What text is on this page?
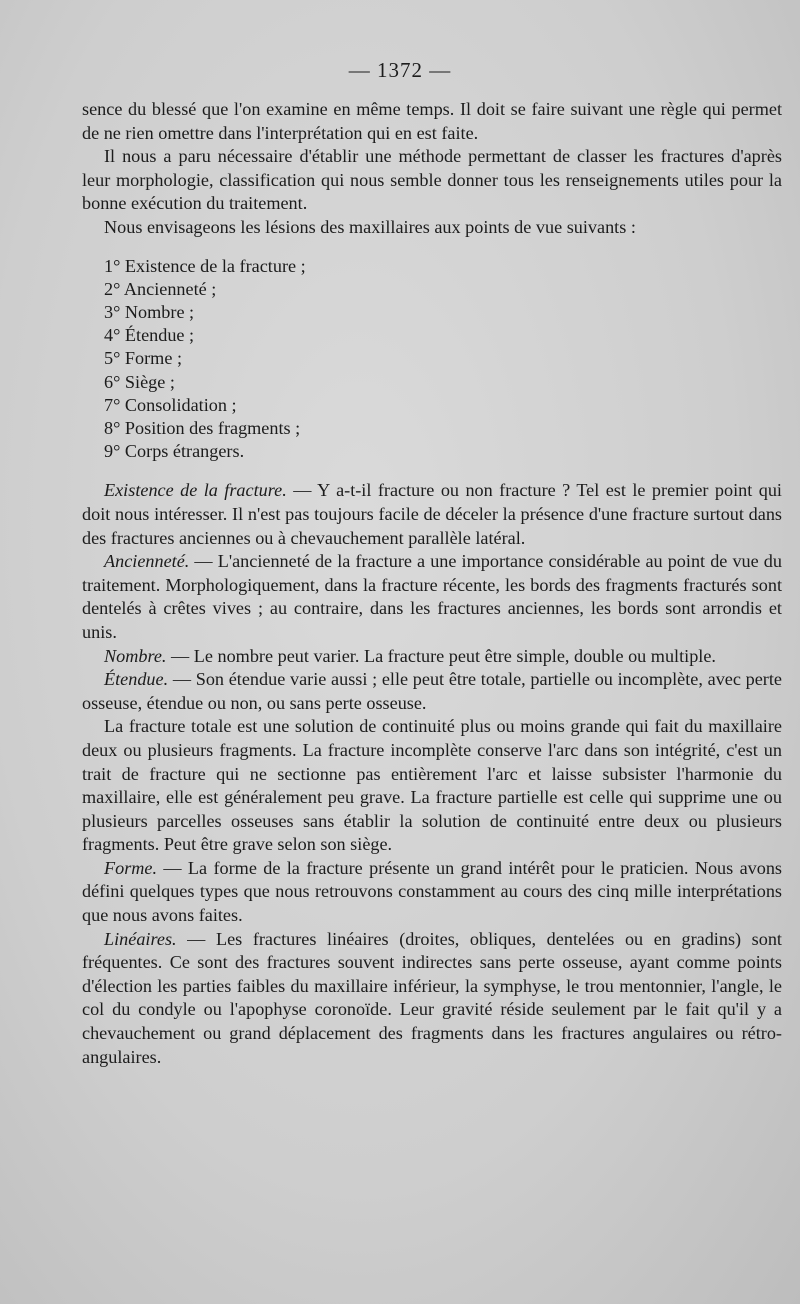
— 1372 —

sence du blessé que l'on examine en même temps. Il doit se faire suivant une règle qui permet de ne rien omettre dans l'interprétation qui en est faite.

Il nous a paru nécessaire d'établir une méthode permettant de classer les fractures d'après leur morphologie, classification qui nous semble donner tous les renseignements utiles pour la bonne exécution du traitement.

Nous envisageons les lésions des maxillaires aux points de vue suivants :

1° Existence de la fracture ;
2° Ancienneté ;
3° Nombre ;
4° Étendue ;
5° Forme ;
6° Siège ;
7° Consolidation ;
8° Position des fragments ;
9° Corps étrangers.

Existence de la fracture. — Y a-t-il fracture ou non fracture ? Tel est le premier point qui doit nous intéresser. Il n'est pas toujours facile de déceler la présence d'une fracture surtout dans des fractures anciennes ou à chevauchement parallèle latéral.

Ancienneté. — L'ancienneté de la fracture a une importance considérable au point de vue du traitement. Morphologiquement, dans la fracture récente, les bords des fragments fracturés sont dentelés à crêtes vives ; au contraire, dans les fractures anciennes, les bords sont arrondis et unis.

Nombre. — Le nombre peut varier. La fracture peut être simple, double ou multiple.

Étendue. — Son étendue varie aussi ; elle peut être totale, partielle ou incomplète, avec perte osseuse, étendue ou non, ou sans perte osseuse.

La fracture totale est une solution de continuité plus ou moins grande qui fait du maxillaire deux ou plusieurs fragments. La fracture incomplète conserve l'arc dans son intégrité, c'est un trait de fracture qui ne sectionne pas entièrement l'arc et laisse subsister l'harmonie du maxillaire, elle est généralement peu grave. La fracture partielle est celle qui supprime une ou plusieurs parcelles osseuses sans établir la solution de continuité entre deux ou plusieurs fragments. Peut être grave selon son siège.

Forme. — La forme de la fracture présente un grand intérêt pour le praticien. Nous avons défini quelques types que nous retrouvons constamment au cours des cinq mille interprétations que nous avons faites.

Linéaires. — Les fractures linéaires (droites, obliques, dentelées ou en gradins) sont fréquentes. Ce sont des fractures souvent indirectes sans perte osseuse, ayant comme points d'élection les parties faibles du maxillaire inférieur, la symphyse, le trou mentonnier, l'angle, le col du condyle ou l'apophyse coronoïde. Leur gravité réside seulement par le fait qu'il y a chevauchement ou grand déplacement des fragments dans les fractures angulaires ou rétro-angulaires.
